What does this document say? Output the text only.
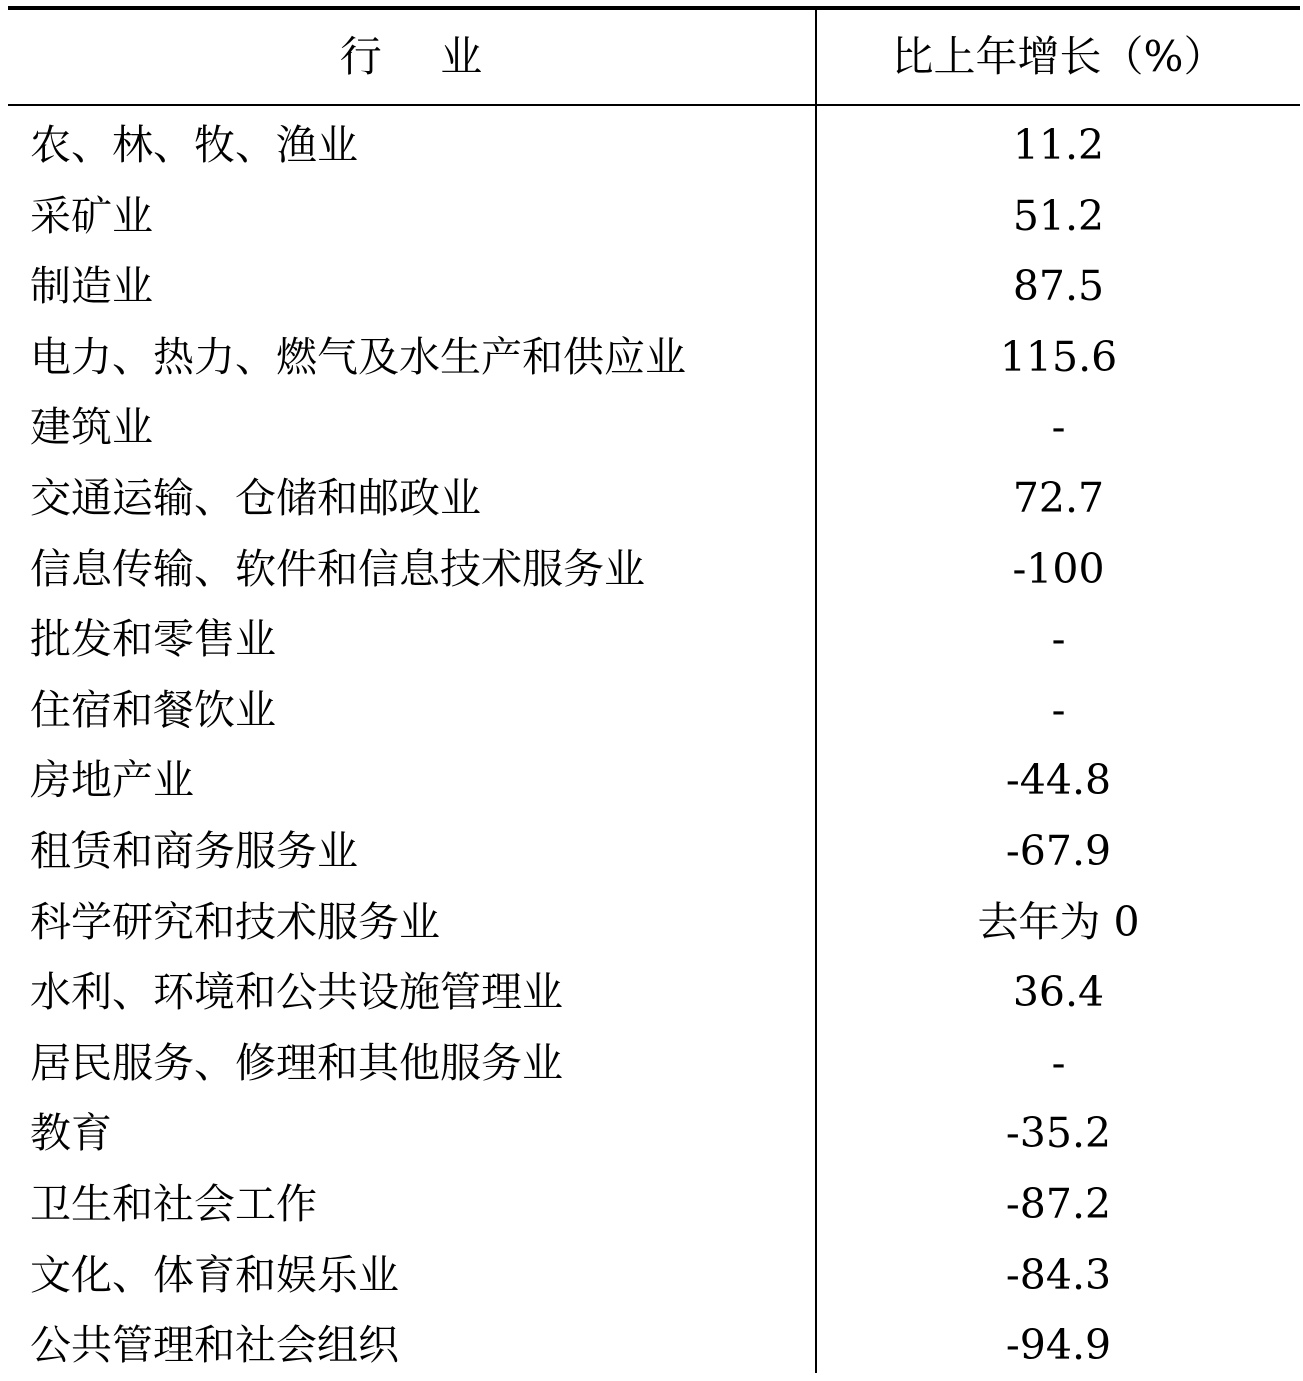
行    业	比上年增长（%）
农、林、牧、渔业	11.2
采矿业	51.2
制造业	87.5
电力、热力、燃气及水生产和供应业	115.6
建筑业	-
交通运输、仓储和邮政业	72.7
信息传输、软件和信息技术服务业	-100
批发和零售业	-
住宿和餐饮业	-
房地产业	-44.8
租赁和商务服务业	-67.9
科学研究和技术服务业	去年为 0
水利、环境和公共设施管理业	36.4
居民服务、修理和其他服务业	-
教育	-35.2
卫生和社会工作	-87.2
文化、体育和娱乐业	-84.3
公共管理和社会组织	-94.9
